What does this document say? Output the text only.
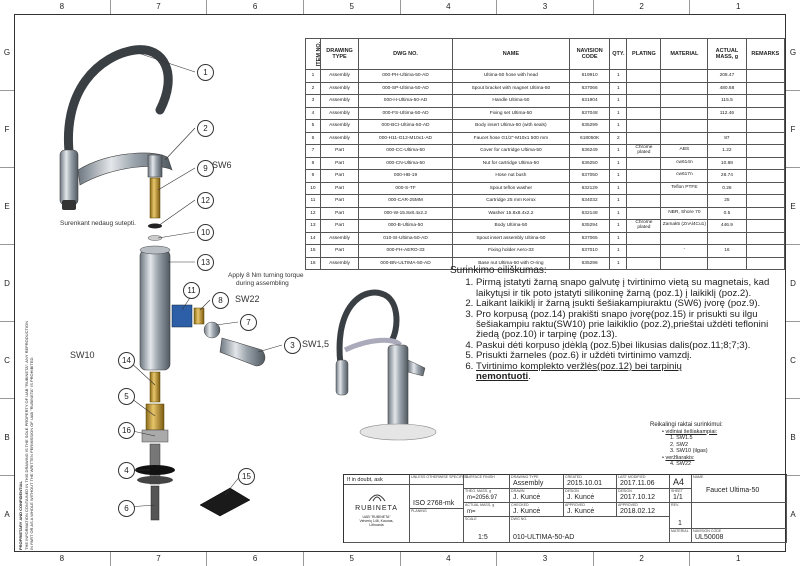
8	7	6	5	4	3	2	1
8	7	6	5	4	3	2	1
G
F
E
D
C
B
A
G
F
E
D
C
B
A
PROPRIETARY AND CONFIDENTIAL THE INFORMATION CONTAINED IN THIS DRAWING IS THE SOLE PROPERTY OF UAB "RUBINETA". ANY REPRODUCTION IN PART OR AS A WHOLE WITHOUT THE WRITTEN PERMISSION OF UAB "RUBINETA" IS PROHIBITED.
1
2
9
12
10
13
11
8
7
3
14
5
16
4
6
15
SW6
SW22
SW1,5
SW10
Surenkant nedaug sutepti.
Apply 8 Nm turning torque
during assembling
ITEM NO.	DRAWING TYPE	DWG NO.	NAME	NAVISION CODE	QTY.	PLATING	MATERIAL	ACTUAL MASS, g	REMARKS
1	Assembly	000-PH-Ultima-50-AD	Ultima-50 hose with head	619910	1			208.47	
2	Assembly	000-SP-Ultima-50-AD	Spout bracket with magnet Ultima-50	637066	1			480.68	
3	Assembly	000-H-Ultima-50-AD	Handle Ultima-50	631904	1			115.5	
4	Assembly	000-FS-Ultima-50-AD	Fixing set Ultima-50	637048	1			112.46	
5	Assembly	000-BCI-Ultima-50-AD	Body insert Ultima-50 (with seals)	635299	1				
6	Assembly	000-H11-G12-M10x1-AD	Faucet hose G1/2"-M10x1 500 mm	618050K	2			87	
7	Part	000-CC-Ultima-50	Cover for cartridge Ultima-50	636249	1	Chrome plated	ABS	1.22	
8	Part	000-CN-Ultima-50	Nut for cartridge Ultima-50	636250	1		cw614n	10.88	
9	Part	000-HB-19	Hose nut bush	637050	1		cw617n	28.74	
10	Part	000-S-TF	Spout teflon washer	632129	1		Teflon PTFE	0.26	
11	Part	000-CAR-25MM	Cartridge 25 mm Kerox	634032	1			25	
12	Part	000-W-15.8x8.4x2.2	Washer 15.8x8.4x2.2	632148	1		NBR, Shore 70	0.5	
13	Part	000-B-Ultima-50	Body Ultima-50	635294	1	Chrome plated	Zamak5 (ZnAl4Cu1)	446.9	
14	Assembly	010-SI-Ultima-50-AD	Spout insert assembly Ultima-50	637065	1				
15	Part	000-FH-AERO-33	Fixing holder Aero-33	637010	1		-	16	
16	Assembly	000-BN-ULTIMA-50-AD	Base nut Ultima-50 with O-ring	635296	1				
Surinkimo eiliškumas:
1. Pirmą įstatyti žarną snapo galvutę į tvirtinimo vietą su magnetais, kad laikytųsi ir tik poto įstatyti silikoninę žarną (poz.1) į laikiklį (poz.2).
2. Laikant laikiklį ir žarną įsukti šešiakampiuraktu (SW6) įvorę (poz.9).
3. Pro korpusą (poz.14) prakišti snapo įvorę(poz.15) ir prisukti su ilgu šešiakampiu raktu(SW10) prie laikiklio (poz.2),prieštai uždėti teflonini žiedą (poz.10) ir tarpinę (poz.13).
4. Paskui dėti korpuso įdėklą (poz.5)bei likusias dalis(poz.11;8;7;3).
5. Prisukti žarneles (poz.6) ir uždėti tvirtinimo vamzdį.
6. Tvirtinimo komplekto veržlės(poz.12) bei tarpinių
nemontuoti.
Reikalingi raktai surinkimui:
• vidiniai šešiakampiai:
1. SW1.5
2. SW2
3. SW10 (ilgas)
• veržliarakis:
4. SW22
If in doubt, ask
RUBINETA
UAB "RUBINETA"
Veiverių 146, Kaunas,
Lithuania
UNLESS OTHERWISE SPECIFIED:
ISO 2768-mk
PLANING
SURFACE FINISH
THEO. MASS, g
m=2056.97
ACTUAL MASS, g
m=
SCALE
1:5
DRAWING TYPE
Assembly
DRAWN
J. Kuncė
CHECKED
J. Kuncė
DWG NO.
010-ULTIMA-50-AD
CREATED
2015.10.01
DESIGN
J. Kuncė
APPROVED
J. Kuncė
LAST MODIFIED
2017.11.06
DESIGN
2017.10.12
APPROVED
2018.02.12
A4
SHEET
1/1
REV.
1
MATERIAL
NAME
Faucet Ultima-50
NAVISION CODE
UL50008
